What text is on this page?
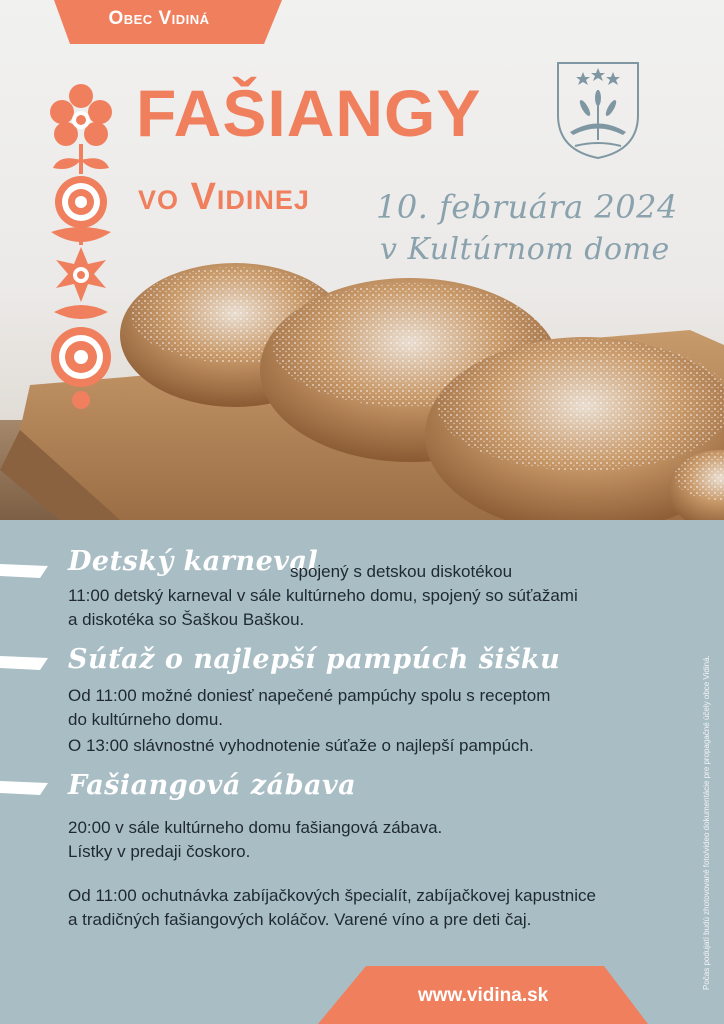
Obec Vidiná
FAŠIANGY
vo Vidinej 10. februára 2024
v Kultúrnom dome
Detský karneval
spojený s detskou diskotékou
11:00 detský karneval v sále kultúrneho domu, spojený so súťažami
a diskotéka so Šaškou Baškou.
Súťaž o najlepší pampúch šišku
Od 11:00 možné doniesť napečené pampúchy spolu s receptom
do kultúrneho domu.
O 13:00 slávnostné vyhodnotenie súťaže o najlepší pampúch.
Fašiangová zábava
20:00 v sále kultúrneho domu fašiangová zábava.
Lístky v predaji čoskoro.
Od 11:00 ochutnávka zabíjačkových špecialít, zabíjačkovej kapustnice
a tradičných fašiangových koláčov. Varené víno a pre deti čaj.	Počas podujatí budú zhotovované foto/video dokumentácie pre propagačné účely obce Vidiná.
www.vidina.sk
